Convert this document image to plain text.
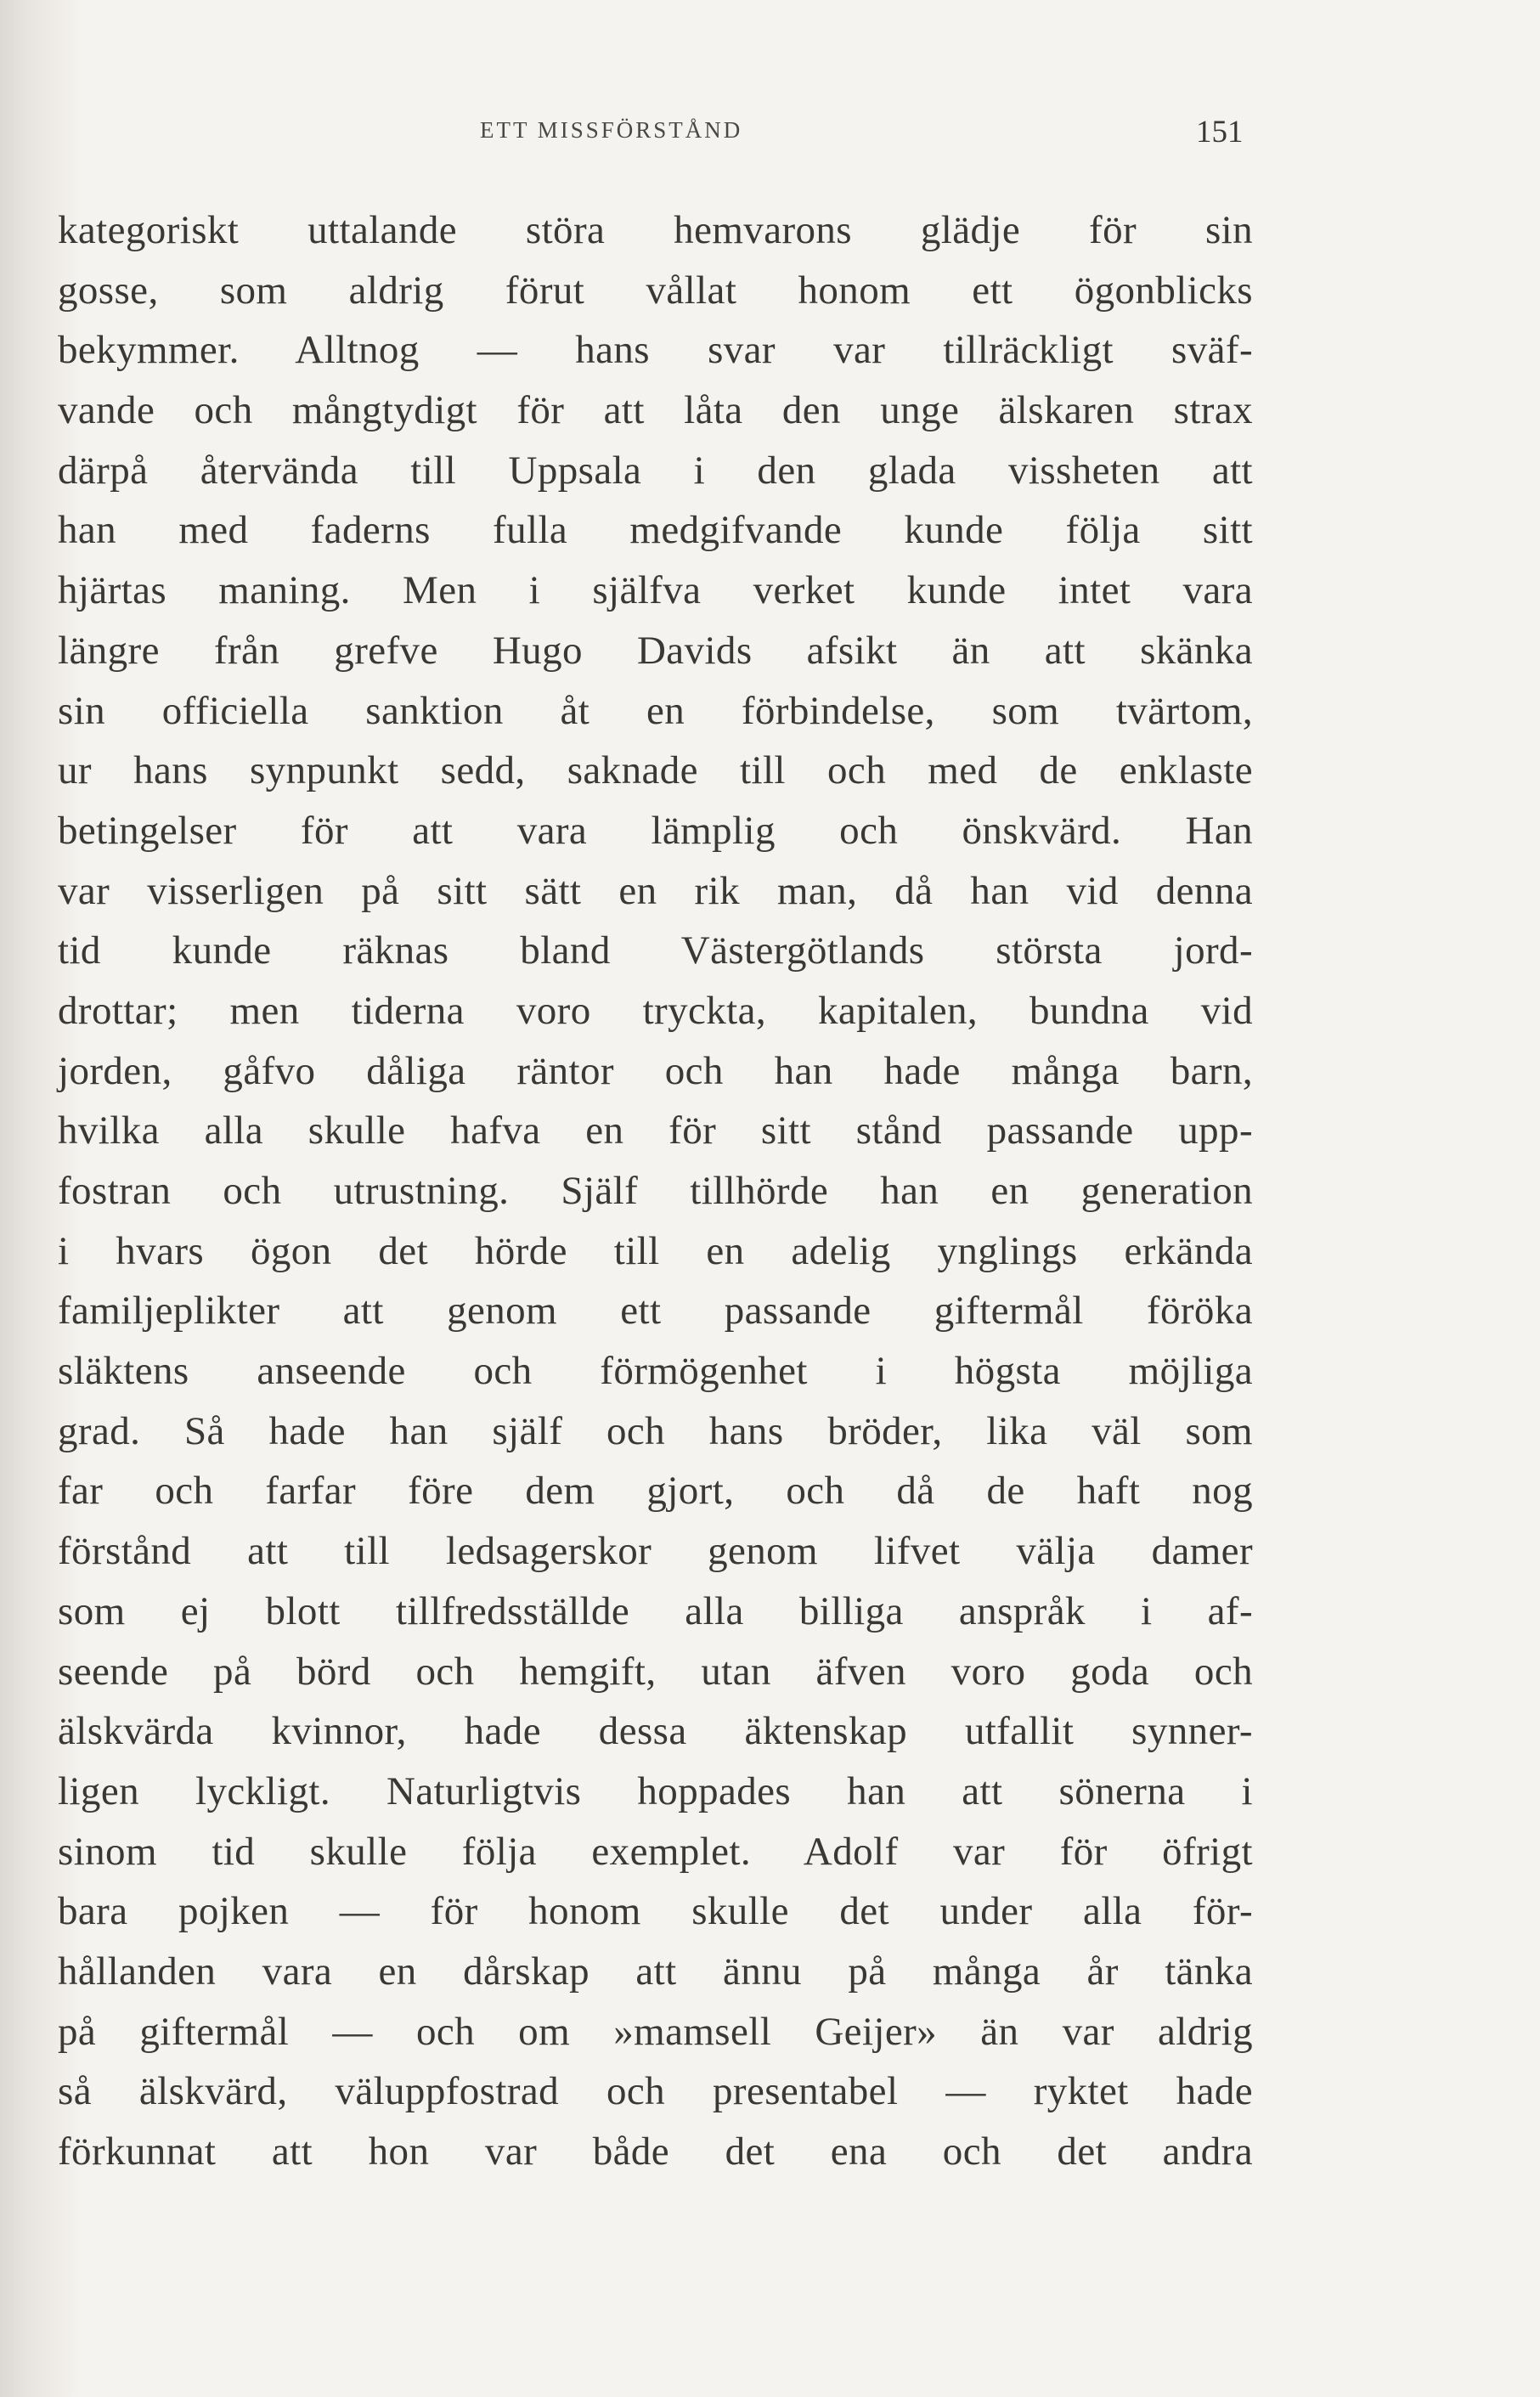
ETT MISSFÖRSTÅND	151
kategoriskt uttalande störa hemvarons glädje för sin
gosse, som aldrig förut vållat honom ett ögonblicks
bekymmer. Alltnog — hans svar var tillräckligt sväf-
vande och mångtydigt för att låta den unge älskaren strax
därpå återvända till Uppsala i den glada vissheten att
han med faderns fulla medgifvande kunde följa sitt
hjärtas maning. Men i själfva verket kunde intet vara
längre från grefve Hugo Davids afsikt än att skänka
sin officiella sanktion åt en förbindelse, som tvärtom,
ur hans synpunkt sedd, saknade till och med de enklaste
betingelser för att vara lämplig och önskvärd. Han
var visserligen på sitt sätt en rik man, då han vid denna
tid kunde räknas bland Västergötlands största jord-
drottar; men tiderna voro tryckta, kapitalen, bundna vid
jorden, gåfvo dåliga räntor och han hade många barn,
hvilka alla skulle hafva en för sitt stånd passande upp-
fostran och utrustning. Själf tillhörde han en generation
i hvars ögon det hörde till en adelig ynglings erkända
familjeplikter att genom ett passande giftermål föröka
släktens anseende och förmögenhet i högsta möjliga
grad. Så hade han själf och hans bröder, lika väl som
far och farfar före dem gjort, och då de haft nog
förstånd att till ledsagerskor genom lifvet välja damer
som ej blott tillfredsställde alla billiga anspråk i af-
seende på börd och hemgift, utan äfven voro goda och
älskvärda kvinnor, hade dessa äktenskap utfallit synner-
ligen lyckligt. Naturligtvis hoppades han att sönerna i
sinom tid skulle följa exemplet. Adolf var för öfrigt
bara pojken — för honom skulle det under alla för-
hållanden vara en dårskap att ännu på många år tänka
på giftermål — och om »mamsell Geijer» än var aldrig
så älskvärd, väluppfostrad och presentabel — ryktet hade
förkunnat att hon var både det ena och det andra
